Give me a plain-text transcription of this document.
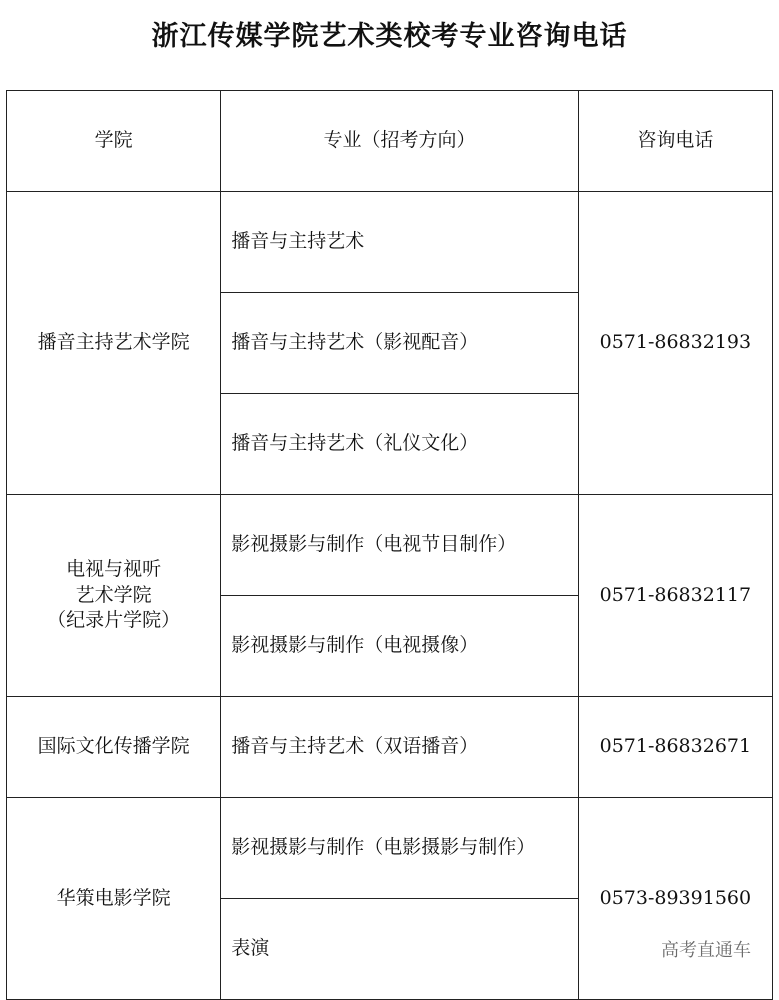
浙江传媒学院艺术类校考专业咨询电话
学院	专业（招考方向）	咨询电话
播音主持艺术学院	播音与主持艺术	0571-86832193
	播音与主持艺术（影视配音）	
	播音与主持艺术（礼仪文化）	

电视与视听
艺术学院
（纪录片学院）	影视摄影与制作（电视节目制作）	0571-86832117
	影视摄影与制作（电视摄像）	
国际文化传播学院	播音与主持艺术（双语播音）	0571-86832671
华策电影学院	影视摄影与制作（电影摄影与制作）	0573-89391560
	表演		高考直通车
